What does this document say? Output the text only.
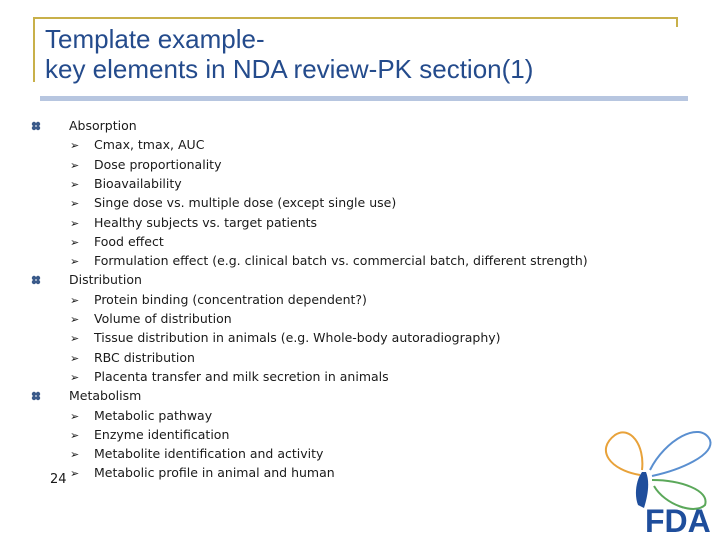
Template example-
key elements in NDA review-PK section(1)
Absorption
➢ Cmax, tmax, AUC
➢ Dose proportionality
➢ Bioavailability
➢ Singe dose vs. multiple dose (except single use)
➢ Healthy subjects vs. target patients
➢ Food effect
➢ Formulation effect (e.g. clinical batch vs. commercial batch, different strength)
Distribution
➢ Protein binding (concentration dependent?)
➢ Volume of distribution
➢ Tissue distribution in animals (e.g. Whole-body autoradiography)
➢ RBC distribution
➢ Placenta transfer and milk secretion in animals
Metabolism
➢ Metabolic pathway
➢ Enzyme identification
➢ Metabolite identification and activity
➢ Metabolic profile in animal and human
24
FDA
